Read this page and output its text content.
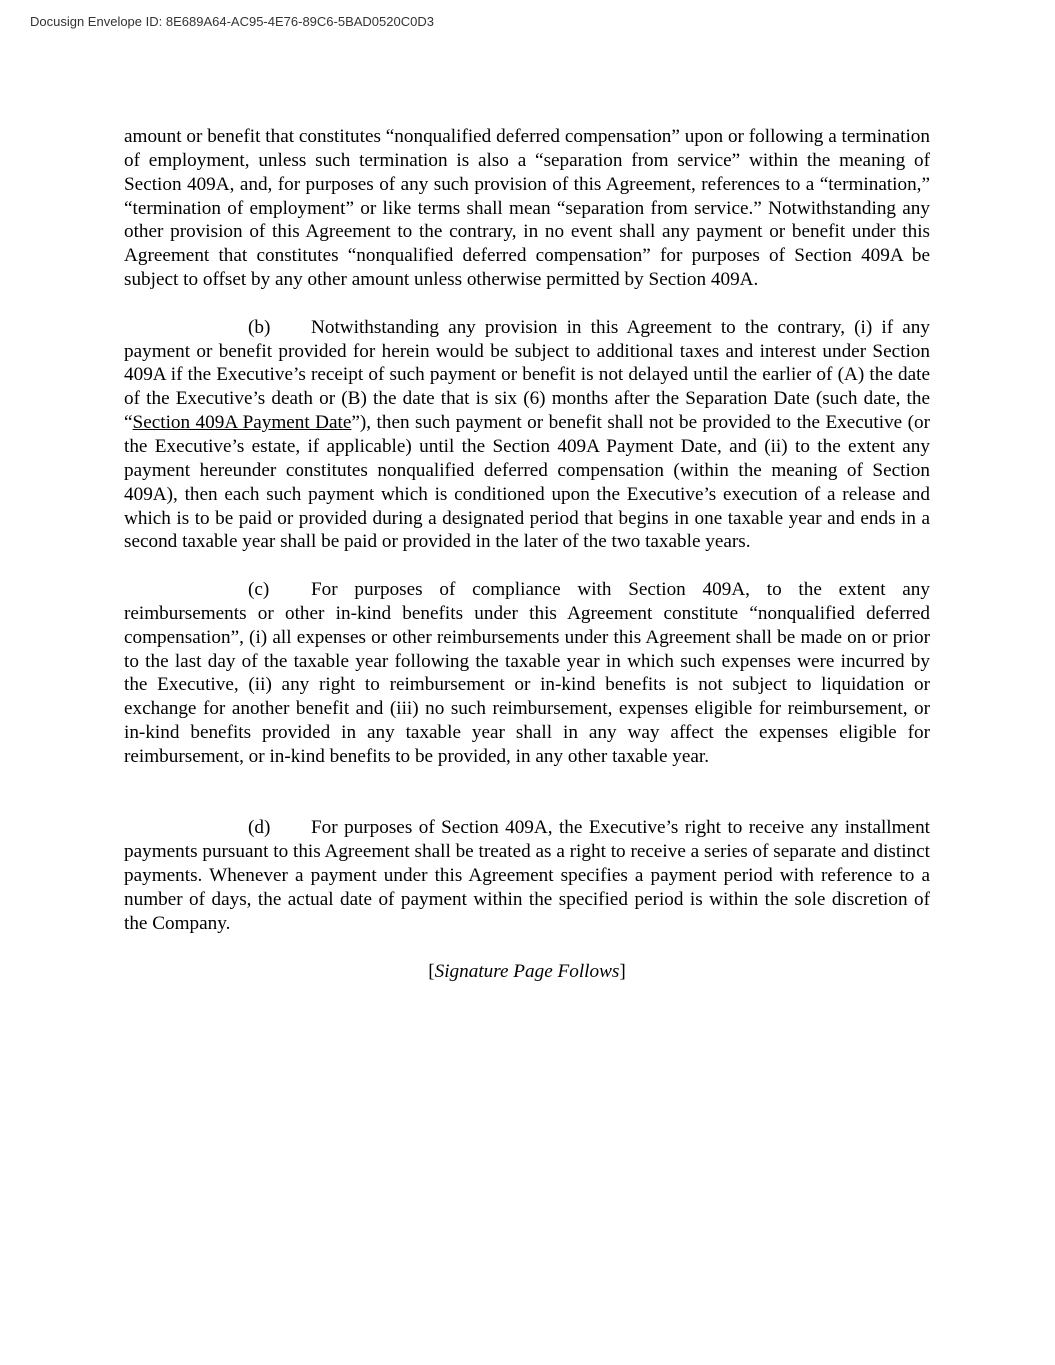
Docusign Envelope ID: 8E689A64-AC95-4E76-89C6-5BAD0520C0D3

amount or benefit that constitutes “nonqualified deferred compensation” upon or following a termination of employment, unless such termination is also a “separation from service” within the meaning of Section 409A, and, for purposes of any such provision of this Agreement, references to a “termination,” “termination of employment” or like terms shall mean “separation from service.” Notwithstanding any other provision of this Agreement to the contrary, in no event shall any payment or benefit under this Agreement that constitutes “nonqualified deferred compensation” for purposes of Section 409A be subject to offset by any other amount unless otherwise permitted by Section 409A.

(b) Notwithstanding any provision in this Agreement to the contrary, (i) if any payment or benefit provided for herein would be subject to additional taxes and interest under Section 409A if the Executive’s receipt of such payment or benefit is not delayed until the earlier of (A) the date of the Executive’s death or (B) the date that is six (6) months after the Separation Date (such date, the “Section 409A Payment Date”), then such payment or benefit shall not be provided to the Executive (or the Executive’s estate, if applicable) until the Section 409A Payment Date, and (ii) to the extent any payment hereunder constitutes nonqualified deferred compensation (within the meaning of Section 409A), then each such payment which is conditioned upon the Executive’s execution of a release and which is to be paid or provided during a designated period that begins in one taxable year and ends in a second taxable year shall be paid or provided in the later of the two taxable years.

(c) For purposes of compliance with Section 409A, to the extent any reimbursements or other in-kind benefits under this Agreement constitute “nonqualified deferred compensation”, (i) all expenses or other reimbursements under this Agreement shall be made on or prior to the last day of the taxable year following the taxable year in which such expenses were incurred by the Executive, (ii) any right to reimbursement or in-kind benefits is not subject to liquidation or exchange for another benefit and (iii) no such reimbursement, expenses eligible for reimbursement, or in-kind benefits provided in any taxable year shall in any way affect the expenses eligible for reimbursement, or in-kind benefits to be provided, in any other taxable year.

(d) For purposes of Section 409A, the Executive’s right to receive any installment payments pursuant to this Agreement shall be treated as a right to receive a series of separate and distinct payments. Whenever a payment under this Agreement specifies a payment period with reference to a number of days, the actual date of payment within the specified period is within the sole discretion of the Company.

[Signature Page Follows]
